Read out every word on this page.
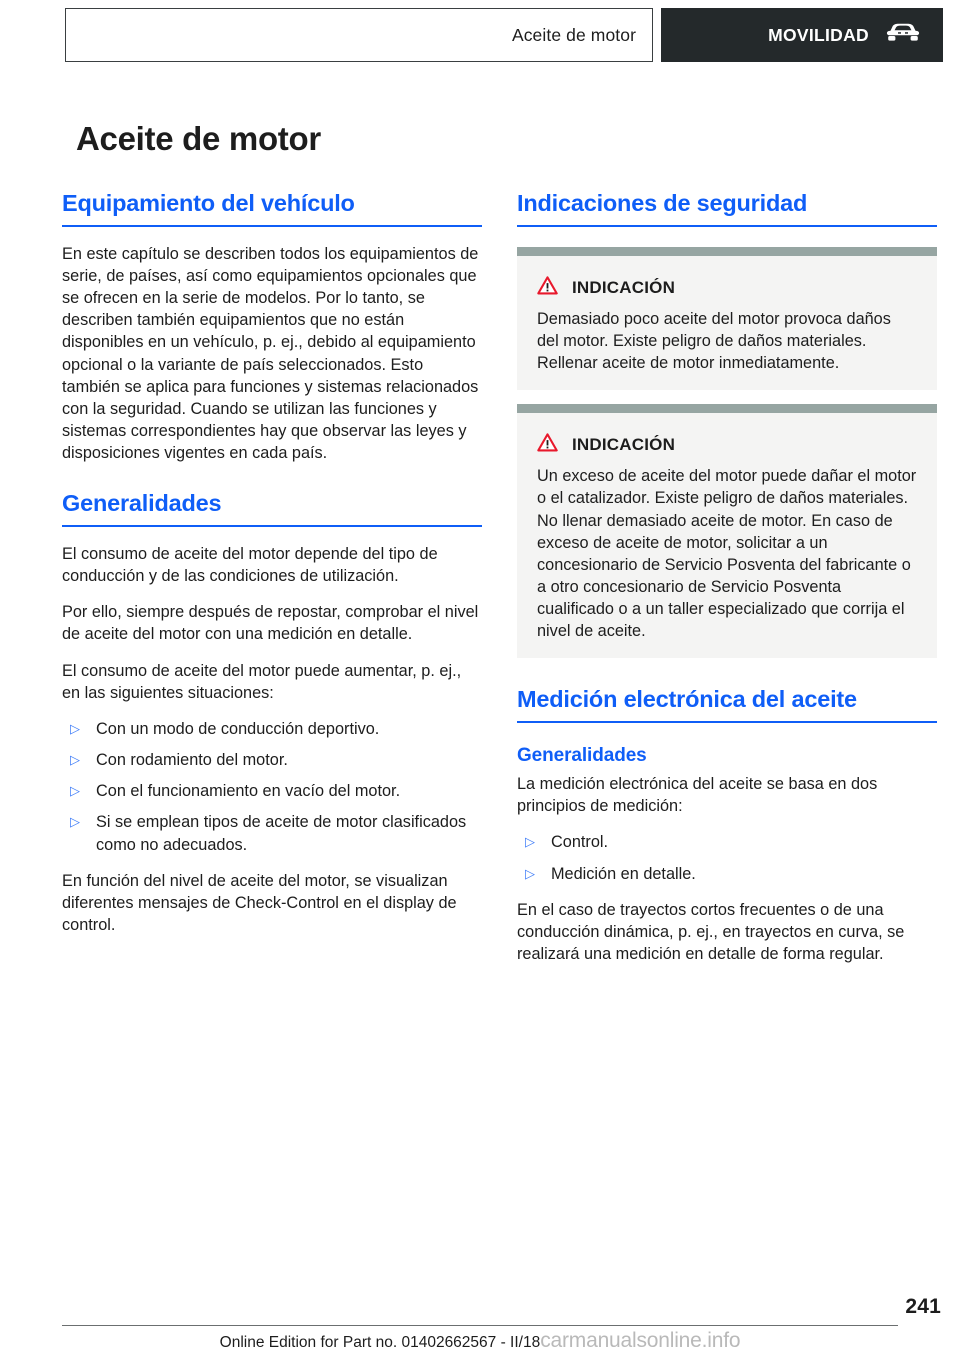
Aceite de motor	MOVILIDAD
Aceite de motor
Equipamiento del vehículo

En este capítulo se describen todos los equipamientos de serie, de países, así como equipamientos opcionales que se ofrecen en la serie de modelos. Por lo tanto, se describen también equipamientos que no están disponibles en un vehículo, p. ej., debido al equipamiento opcional o la variante de país seleccionados. Esto también se aplica para funciones y sistemas relacionados con la seguridad. Cuando se utilizan las funciones y sistemas correspondientes hay que observar las leyes y disposiciones vigentes en cada país.

Generalidades

El consumo de aceite del motor depende del tipo de conducción y de las condiciones de utilización.

Por ello, siempre después de repostar, comprobar el nivel de aceite del motor con una medición en detalle.

El consumo de aceite del motor puede aumentar, p. ej., en las siguientes situaciones:

▷ Con un modo de conducción deportivo.
▷ Con rodamiento del motor.
▷ Con el funcionamiento en vacío del motor.
▷ Si se emplean tipos de aceite de motor clasificados como no adecuados.

En función del nivel de aceite del motor, se visualizan diferentes mensajes de Check-Control en el display de control.

Indicaciones de seguridad
INDICACIÓN

Demasiado poco aceite del motor provoca daños del motor. Existe peligro de daños materiales. Rellenar aceite de motor inmediatamente.

INDICACIÓN

Un exceso de aceite del motor puede dañar el motor o el catalizador. Existe peligro de daños materiales. No llenar demasiado aceite de motor. En caso de exceso de aceite de motor, solicitar a un concesionario de Servicio Posventa del fabricante o a otro concesionario de Servicio Posventa cualificado o a un taller especializado que corrija el nivel de aceite.

Medición electrónica del aceite
Generalidades

La medición electrónica del aceite se basa en dos principios de medición:

▷ Control.
▷ Medición en detalle.

En el caso de trayectos cortos frecuentes o de una conducción dinámica, p. ej., en trayectos en curva, se realizará una medición en detalle de forma regular.

241
Online Edition for Part no. 01402662567 - II/18carmanualsonline.info
